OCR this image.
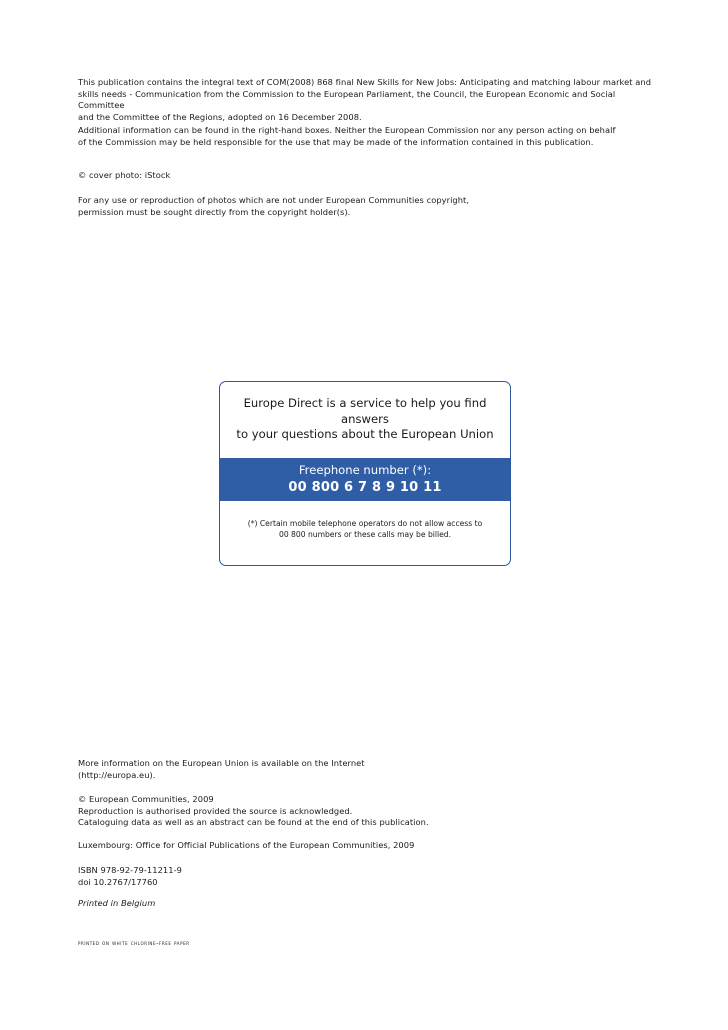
This publication contains the integral text of COM(2008) 868 final New Skills for New Jobs: Anticipating and matching labour market and
skills needs - Communication from the Commission to the European Parliament, the Council, the European Economic and Social Committee
and the Committee of the Regions, adopted on 16 December 2008.

Additional information can be found in the right-hand boxes. Neither the European Commission nor any person acting on behalf
of the Commission may be held responsible for the use that may be made of the information contained in this publication.

© cover photo: iStock

For any use or reproduction of photos which are not under European Communities copyright,
permission must be sought directly from the copyright holder(s).

Europe Direct is a service to help you find answers
to your questions about the European Union
Freephone number (*):
00 800 6 7 8 9 10 11
(*) Certain mobile telephone operators do not allow access to
00 800 numbers or these calls may be billed.

More information on the European Union is available on the Internet
(http://europa.eu).

© European Communities, 2009
Reproduction is authorised provided the source is acknowledged.
Cataloguing data as well as an abstract can be found at the end of this publication.

Luxembourg: Office for Official Publications of the European Communities, 2009

ISBN 978-92-79-11211-9
doi 10.2767/17760

Printed in Belgium

printed on white chlorine-free paper
